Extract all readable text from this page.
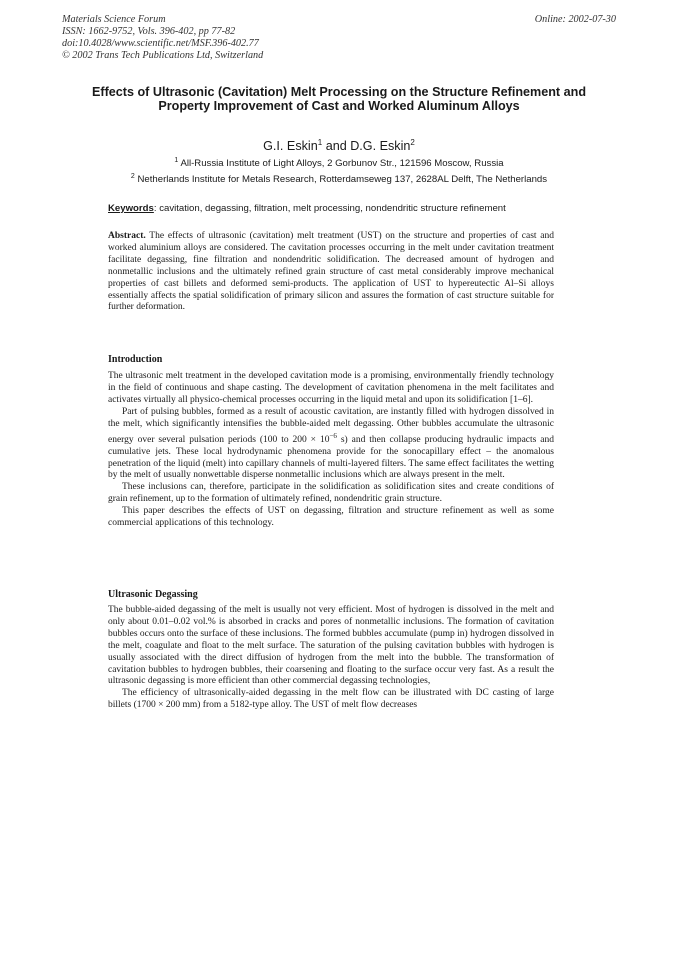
Materials Science Forum
ISSN: 1662-9752, Vols. 396-402, pp 77-82
doi:10.4028/www.scientific.net/MSF.396-402.77
© 2002 Trans Tech Publications Ltd, Switzerland
Online: 2002-07-30
Effects of Ultrasonic (Cavitation) Melt Processing on the Structure Refinement and Property Improvement of Cast and Worked Aluminum Alloys
G.I. Eskin$^1$ and D.G. Eskin$^2$
$^1$ All-Russia Institute of Light Alloys, 2 Gorbunov Str., 121596 Moscow, Russia
$^2$ Netherlands Institute for Metals Research, Rotterdamseweg 137, 2628AL Delft, The Netherlands
Keywords: cavitation, degassing, filtration, melt processing, nondendritic structure refinement

Abstract. The effects of ultrasonic (cavitation) melt treatment (UST) on the structure and properties of cast and worked aluminium alloys are considered. The cavitation processes occurring in the melt under cavitation treatment facilitate degassing, fine filtration and nondendritic solidification. The decreased amount of hydrogen and nonmetallic inclusions and the ultimately refined grain structure of cast metal considerably improve mechanical properties of cast billets and deformed semi-products. The application of UST to hypereutectic Al–Si alloys essentially affects the spatial solidification of primary silicon and assures the formation of cast structure suitable for further deformation.

Introduction

The ultrasonic melt treatment in the developed cavitation mode is a promising, environmentally friendly technology in the field of continuous and shape casting. The development of cavitation phenomena in the melt facilitates and activates virtually all physico-chemical processes occurring in the liquid metal and upon its solidification [1–6].

Part of pulsing bubbles, formed as a result of acoustic cavitation, are instantly filled with hydrogen dissolved in the melt, which significantly intensifies the bubble-aided melt degassing. Other bubbles accumulate the ultrasonic energy over several pulsation periods (100 to $200 \times 10^{-6}$ s) and then collapse producing hydraulic impacts and cumulative jets. These local hydrodynamic phenomena provide for the sonocapillary effect – the anomalous penetration of the liquid (melt) into capillary channels of multi-layered filters. The same effect facilitates the wetting by the melt of usually nonwettable disperse nonmetallic inclusions which are always present in the melt.

These inclusions can, therefore, participate in the solidification as solidification sites and create conditions of grain refinement, up to the formation of ultimately refined, nondendritic grain structure.

This paper describes the effects of UST on degassing, filtration and structure refinement as well as some commercial applications of this technology.

Ultrasonic Degassing

The bubble-aided degassing of the melt is usually not very efficient. Most of hydrogen is dissolved in the melt and only about 0.01–0.02 vol.% is absorbed in cracks and pores of nonmetallic inclusions. The formation of cavitation bubbles occurs onto the surface of these inclusions. The formed bubbles accumulate (pump in) hydrogen dissolved in the melt, coagulate and float to the melt surface. The saturation of the pulsing cavitation bubbles with hydrogen is usually associated with the direct diffusion of hydrogen from the melt into the bubble. The transformation of cavitation bubbles to hydrogen bubbles, their coarsening and floating to the surface occur very fast. As a result the ultrasonic degassing is more efficient than other commercial degassing technologies,

The efficiency of ultrasonically-aided degassing in the melt flow can be illustrated with DC casting of large billets (1700 × 200 mm) from a 5182-type alloy. The UST of melt flow decreases
